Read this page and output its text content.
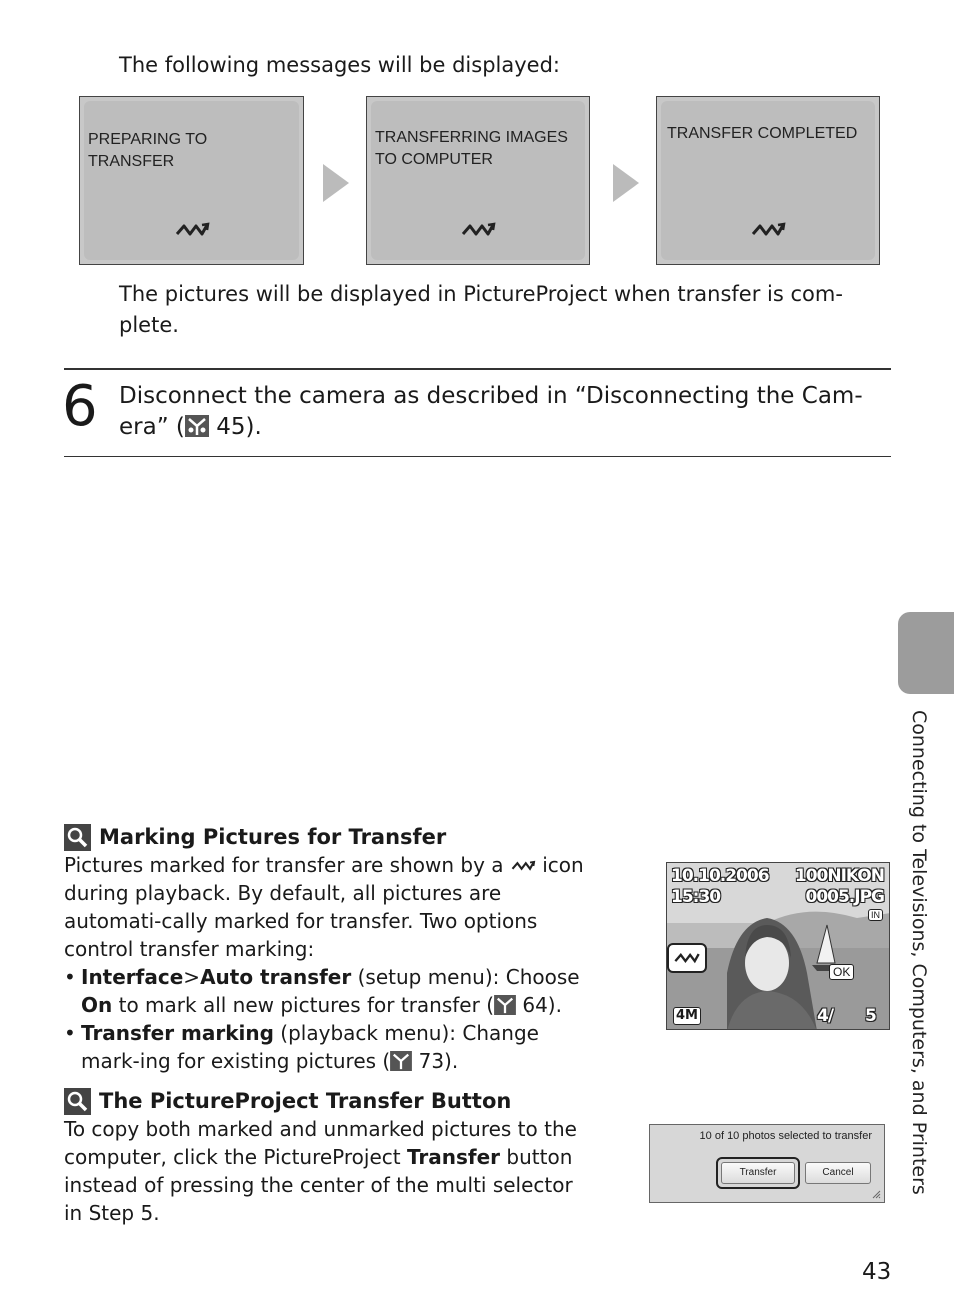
The following messages will be displayed:
PREPARING TO TRANSFER
TRANSFERRING IMAGES TO COMPUTER
TRANSFER COMPLETED
The pictures will be displayed in PictureProject when transfer is com-
plete.
6 Disconnect the camera as described in “Disconnecting the Cam-
era” ( 45).
Marking Pictures for Transfer
Pictures marked for transfer are shown by a  icon during playback. By default, all pictures are automati-cally marked for transfer. Two options control transfer marking:
• Interface>Auto transfer (setup menu): Choose On to mark all new pictures for transfer ( 64).
• Transfer marking (playback menu): Change mark-ing for existing pictures ( 73).
The PictureProject Transfer Button
To copy both marked and unmarked pictures to the computer, click the PictureProject Transfer button instead of pressing the center of the multi selector in Step 5.
10.10.2006
15:30
100NIKON
0005.JPG
IN
OK
4M	4/ 5
10 of 10 photos selected to transfer
Transfer	Cancel	Connecting to Televisions, Computers, and Printers
43
